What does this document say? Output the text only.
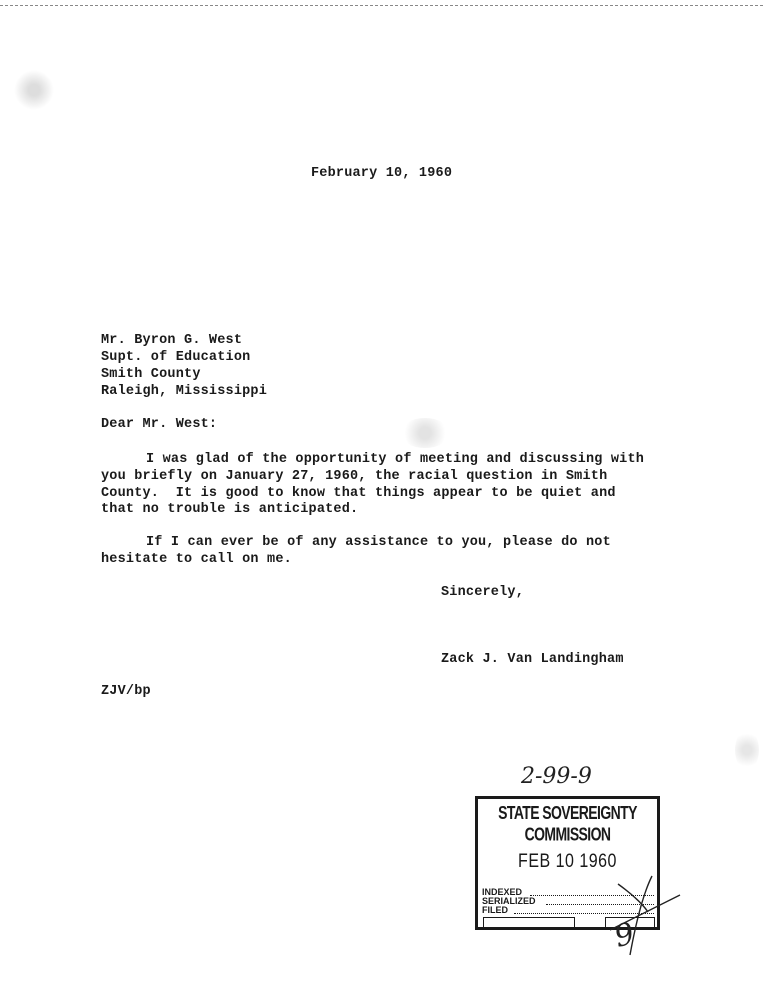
February 10, 1960
Mr. Byron G. West
Supt. of Education
Smith County
Raleigh, Mississippi
Dear Mr. West:
I was glad of the opportunity of meeting and discussing with
you briefly on January 27, 1960, the racial question in Smith
County.  It is good to know that things appear to be quiet and
that no trouble is anticipated.
If I can ever be of any assistance to you, please do not
hesitate to call on me.
Sincerely,
Zack J. Van Landingham
ZJV/bp
2-99-9
STATE SOVEREIGNTY COMMISSION
FEB 10 1960
INDEXED
SERIALIZED
FILED
9
